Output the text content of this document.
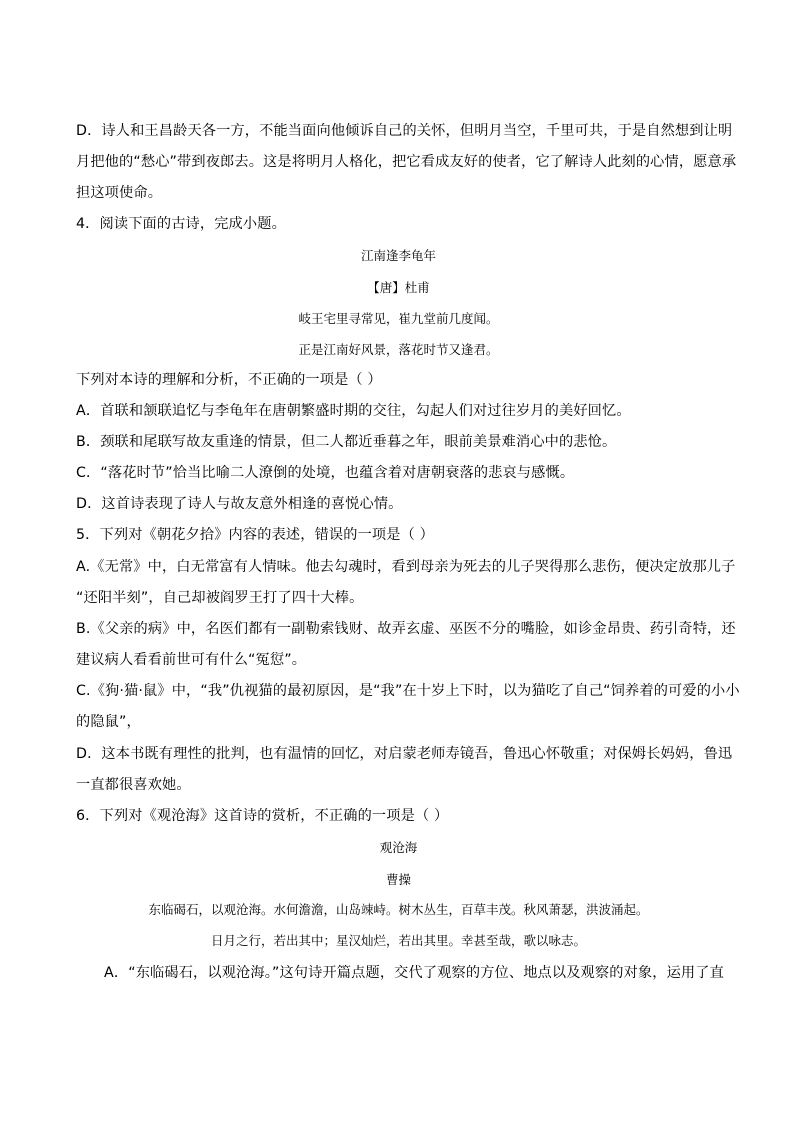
D．诗人和王昌龄天各一方，不能当面向他倾诉自己的关怀，但明月当空，千里可共，于是自然想到让明
月把他的“愁心”带到夜郎去。这是将明月人格化，把它看成友好的使者，它了解诗人此刻的心情，愿意承
担这项使命。
4．阅读下面的古诗，完成小题。
江南逢李龟年
【唐】杜甫
岐王宅里寻常见，崔九堂前几度闻。
正是江南好风景，落花时节又逢君。
下列对本诗的理解和分析，不正确的一项是（ ）
A．首联和颔联追忆与李龟年在唐朝繁盛时期的交往，勾起人们对过往岁月的美好回忆。
B．颈联和尾联写故友重逢的情景，但二人都近垂暮之年，眼前美景难消心中的悲怆。
C．“落花时节”恰当比喻二人潦倒的处境，也蕴含着对唐朝衰落的悲哀与感慨。
D．这首诗表现了诗人与故友意外相逢的喜悦心情。
5．下列对《朝花夕拾》内容的表述，错误的一项是（ ）
A.《无常》中，白无常富有人情味。他去勾魂时，看到母亲为死去的儿子哭得那么悲伤，便决定放那儿子
“还阳半刻”，自己却被阎罗王打了四十大棒。
B.《父亲的病》中，名医们都有一副勒索钱财、故弄玄虚、巫医不分的嘴脸，如诊金昂贵、药引奇特，还
建议病人看看前世可有什么“冤愆”。
C.《狗·猫·鼠》中，“我”仇视猫的最初原因，是“我”在十岁上下时，以为猫吃了自己“饲养着的可爱的小小
的隐鼠”，
D．这本书既有理性的批判，也有温情的回忆，对启蒙老师寿镜吾，鲁迅心怀敬重；对保姆长妈妈，鲁迅
一直都很喜欢她。
6．下列对《观沧海》这首诗的赏析，不正确的一项是（ ）
观沧海
曹操
东临碣石，以观沧海。水何澹澹，山岛竦峙。树木丛生，百草丰茂。秋风萧瑟，洪波涌起。
日月之行，若出其中；星汉灿烂，若出其里。幸甚至哉，歌以咏志。
A．“东临碣石，以观沧海。”这句诗开篇点题，交代了观察的方位、地点以及观察的对象，运用了直
